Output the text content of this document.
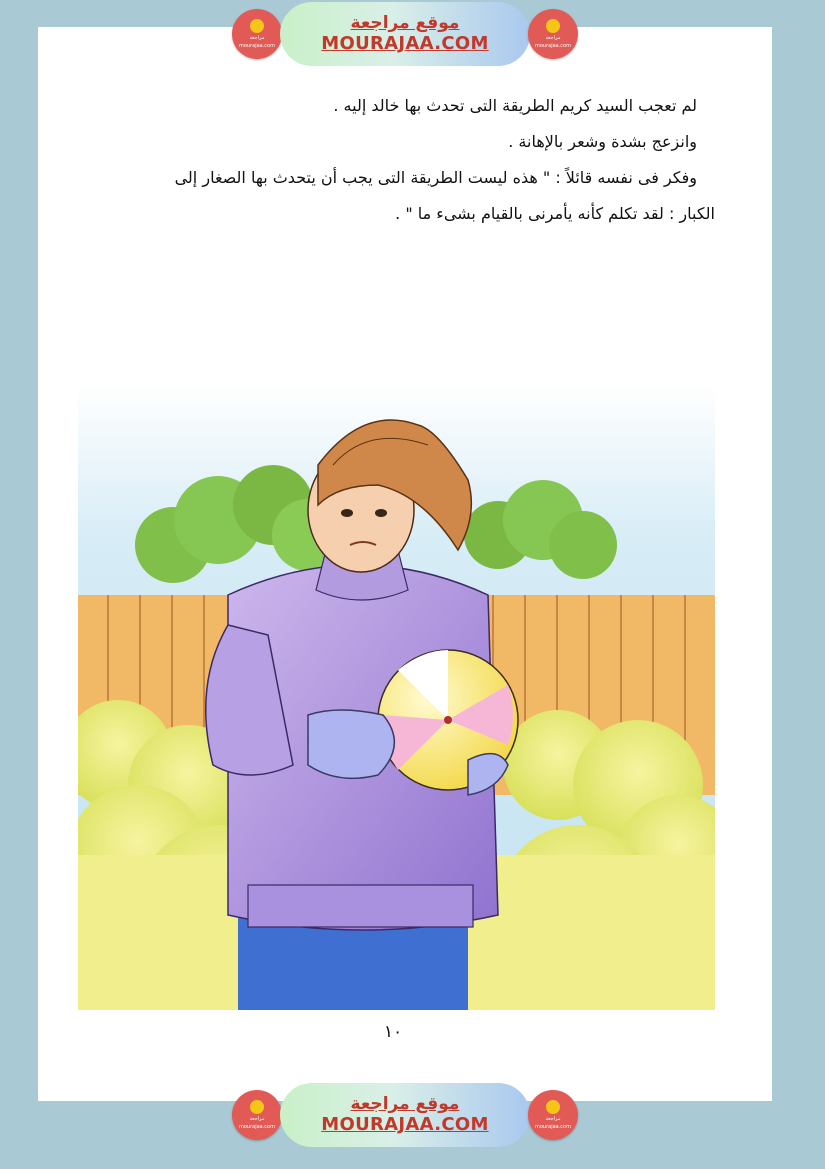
مراجعة
mourajaa.com
موقع مراجعة
MOURAJAA.COM	مراجعة
mourajaa.com
لم تعجب السيد كريم الطريقة التى تحدث بها خالد إليه .
وانزعج بشدة وشعر بالإهانة .
وفكر فى نفسه قائلاً : " هذه ليست الطريقة التى يجب أن يتحدث بها الصغار إلى
الكبار : لقد تكلم كأنه يأمرنى بالقيام بشىء ما " .
١٠
مراجعة
mourajaa.com
موقع مراجعة
MOURAJAA.COM	مراجعة
mourajaa.com
